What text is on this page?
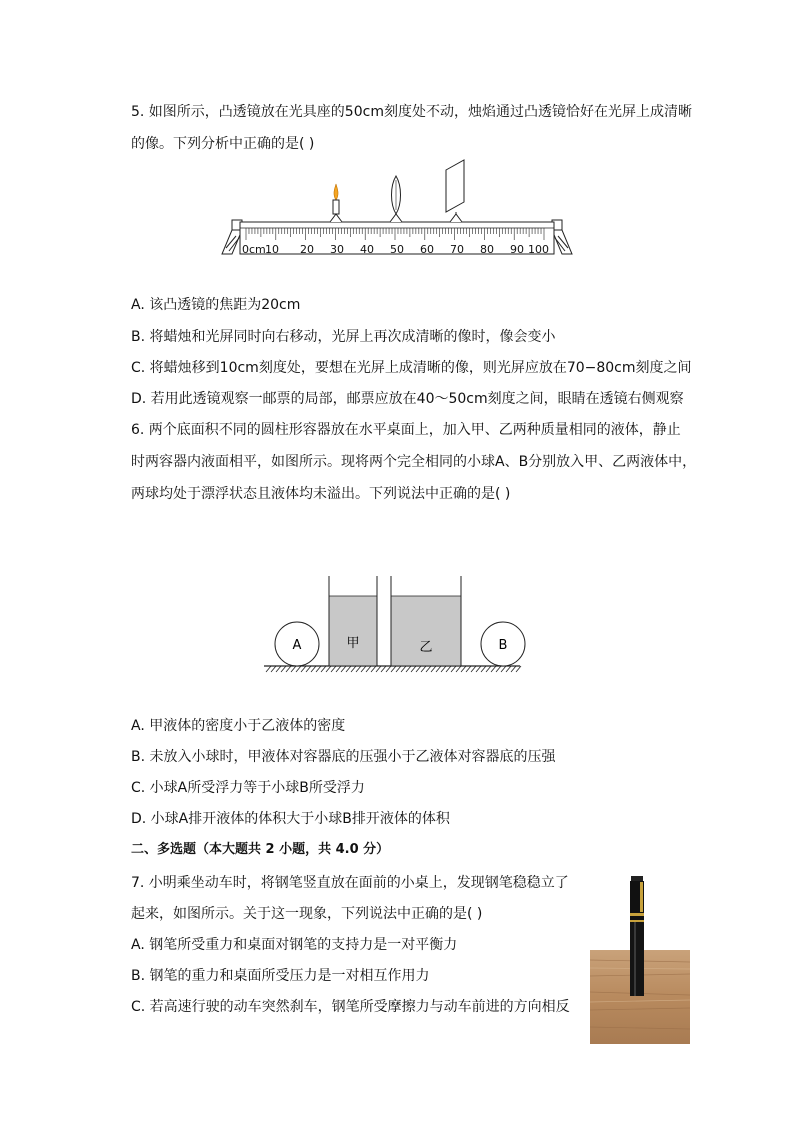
5. 如图所示，凸透镜放在光具座的50cm刻度处不动，烛焰通过凸透镜恰好在光屏上成清晰
的像。下列分析中正确的是( )
0cm 10 20 30 40 50 60 70 80 90 100
A. 该凸透镜的焦距为20cm
B. 将蜡烛和光屏同时向右移动，光屏上再次成清晰的像时，像会变小
C. 将蜡烛移到10cm刻度处，要想在光屏上成清晰的像，则光屏应放在70−80cm刻度之间
D. 若用此透镜观察一邮票的局部，邮票应放在40～50cm刻度之间，眼睛在透镜右侧观察
6. 两个底面积不同的圆柱形容器放在水平桌面上，加入甲、乙两种质量相同的液体，静止
时两容器内液面相平，如图所示。现将两个完全相同的小球A、B分别放入甲、乙两液体中，
两球均处于漂浮状态且液体均未溢出。下列说法中正确的是( )
A	甲	乙	B
A. 甲液体的密度小于乙液体的密度
B. 未放入小球时，甲液体对容器底的压强小于乙液体对容器底的压强
C. 小球A所受浮力等于小球B所受浮力
D. 小球A排开液体的体积大于小球B排开液体的体积
二、多选题（本大题共 2 小题，共 4.0 分）
7. 小明乘坐动车时，将钢笔竖直放在面前的小桌上，发现钢笔稳稳立了
起来，如图所示。关于这一现象，下列说法中正确的是( )
A. 钢笔所受重力和桌面对钢笔的支持力是一对平衡力
B. 钢笔的重力和桌面所受压力是一对相互作用力
C. 若高速行驶的动车突然刹车，钢笔所受摩擦力与动车前进的方向相反
